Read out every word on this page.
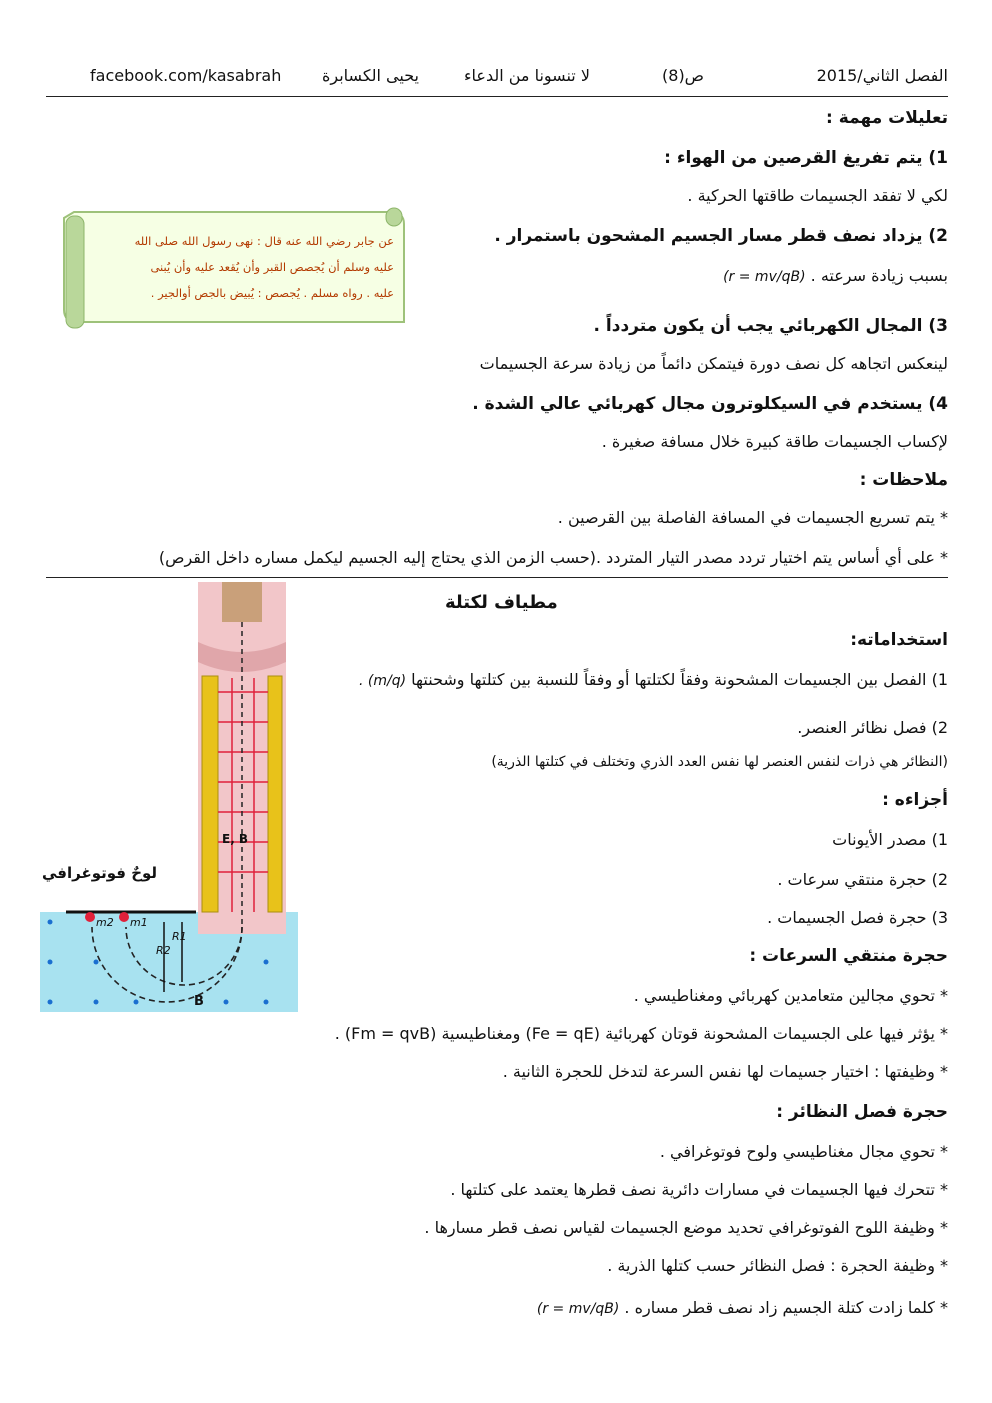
facebook.com/kasabrah	يحيى الكسابرة	لا تنسونا من الدعاء	ص(8)	الفصل الثاني/2015
تعليلات مهمة :
1) يتم تفريغ القرصين من الهواء :
لكي لا تفقد الجسيمات طاقتها الحركية .
2) يزداد نصف قطر مسار الجسيم المشحون باستمرار .
بسبب زيادة سرعته . (r = mv/qB)
3) المجال الكهربائي يجب أن يكون متردداً .
لينعكس اتجاهه كل نصف دورة فيتمكن دائماً من زيادة سرعة الجسيمات
4) يستخدم في السيكلوترون مجال كهربائي عالي الشدة .
لإكساب الجسيمات طاقة كبيرة خلال مسافة صغيرة .
عن جابر رضي الله عنه قال : نهى رسول الله صلى الله
عليه وسلم أن يُجصص القبر وأن يُقعد عليه وأن يُبنى
عليه . رواه مسلم . يُجصص : يُبيض بالجص أوالجير .
ملاحظات :
* يتم تسريع الجسيمات في المسافة الفاصلة بين القرصين .
* على أي أساس يتم اختيار تردد مصدر التيار المتردد .(حسب الزمن الذي يحتاج إليه الجسيم ليكمل مساره داخل القرص)
مطياف لكتلة
استخداماته:
1) الفصل بين الجسيمات المشحونة وفقاً لكتلتها أو وفقاً للنسبة بين كتلتها وشحنتها (m/q) .
2) فصل نظائر العنصر.
(النظائر هي ذرات لنفس العنصر لها نفس العدد الذري وتختلف في كتلتها الذرية)
أجزاءه :
1) مصدر الأيونات
2) حجرة منتقي سرعات .
3) حجرة فصل الجسيمات .
حجرة منتقي السرعات :
* تحوي مجالين متعامدين كهربائي ومغناطيسي .
* يؤثر فيها على الجسيمات المشحونة قوتان كهربائية (Fe = qE) ومغناطيسية (Fm = qvB) .
* وظيفتها : اختيار جسيمات لها نفس السرعة لتدخل للحجرة الثانية .
حجرة فصل النظائر :
* تحوي مجال مغناطيسي ولوح فوتوغرافي .
* تتحرك فيها الجسيمات في مسارات دائرية نصف قطرها يعتمد على كتلتها .
* وظيفة اللوح الفوتوغرافي تحديد موضع الجسيمات لقياس نصف قطر مسارها .
* وظيفة الحجرة : فصل النظائر حسب كتلها الذرية .
* كلما زادت كتلة الجسيم زاد نصف قطر مساره . (r = mv/qB)
لوحٌ فوتوغرافي
E, B
m2 m1
R1
R2
B
